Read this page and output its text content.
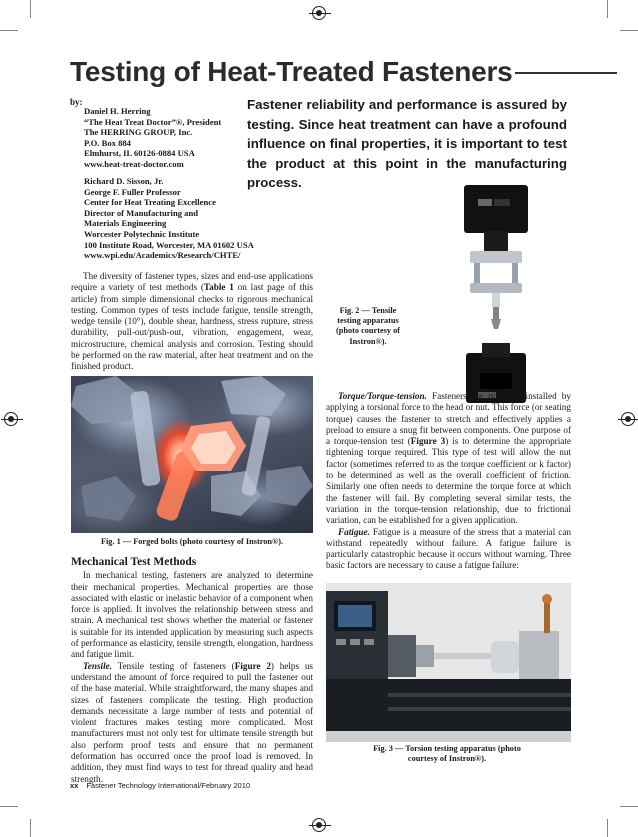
Testing of Heat-Treated Fasteners
by:
Daniel H. Herring
“The Heat Treat Doctor”®, President
The HERRING GROUP, Inc.
P.O. Box 884
Elmhurst, IL 60126-0884 USA
www.heat-treat-doctor.com
Richard D. Sisson, Jr.
George F. Fuller Professor
Center for Heat Treating Excellence
Director of Manufacturing and
Materials Engineering
Worcester Polytechnic Institute
100 Institute Road, Worcester, MA 01602 USA
www.wpi.edu/Academics/Research/CHTE/
Fastener reliability and performance is assured by testing. Since heat treatment can have a profound influence on final properties, it is important to test the product at this point in the manufacturing process.

The diversity of fastener types, sizes and end-use applications require a variety of test methods (Table 1 on last page of this article) from simple dimensional checks to rigorous mechanical testing. Common types of tests include fatigue, tensile strength, wedge tensile (10°), double shear, hardness, stress rupture, stress durability, pull-out/push-out, vibration, engagement, wear, microstructure, chemical analysis and corrosion. Testing should be performed on the raw material, after heat treatment and on the finished product.

Fig. 1 — Forged bolts (photo courtesy of Instron®).
Mechanical Test Methods

In mechanical testing, fasteners are analyzed to determine their mechanical properties. Mechanical properties are those associated with elastic or inelastic behavior of a component when force is applied. It involves the relationship between stress and strain. A mechanical test shows whether the material or fastener is suitable for its intended application by measuring such aspects of performance as elasticity, tensile strength, elongation, hardness and fatigue limit.

Tensile. Tensile testing of fasteners (Figure 2) helps us understand the amount of force required to pull the fastener out of the base material. While straightforward, the many shapes and sizes of fasteners complicate the testing. High production demands necessitate a large number of tests and potential of violent fractures makes testing more complicated. Most manufacturers must not only test for ultimate tensile strength but also perform proof tests and ensure that no permanent deformation has occurred once the proof load is removed. In addition, they must find ways to test for thread quality and head strength.

Fig. 2 — Tensile testing apparatus (photo courtesy of Instron®).

Torque/Torque-tension. Fasteners are typically installed by applying a torsional force to the head or nut. This force (or seating torque) causes the fastener to stretch and effectively applies a preload to ensure a snug fit between components. One purpose of a torque-tension test (Figure 3) is to determine the appropriate tightening torque required. This type of test will allow the nut factor (sometimes referred to as the torque coefficient or k factor) to be determined as well as the overall coefficient of friction. Similarly one often needs to determine the torque force at which the fastener will fail. By completing several similar tests, the variation in the torque-tension relationship, due to frictional variation, can be established for a given application.

Fatigue. Fatigue is a measure of the stress that a material can withstand repeatedly without failure. A fatigue failure is particularly catastrophic because it occurs without warning. Three basic factors are necessary to cause a fatigue failure:

Fig. 3 — Torsion testing apparatus (photo courtesy of Instron®).
xx Fastener Technology International/February 2010
